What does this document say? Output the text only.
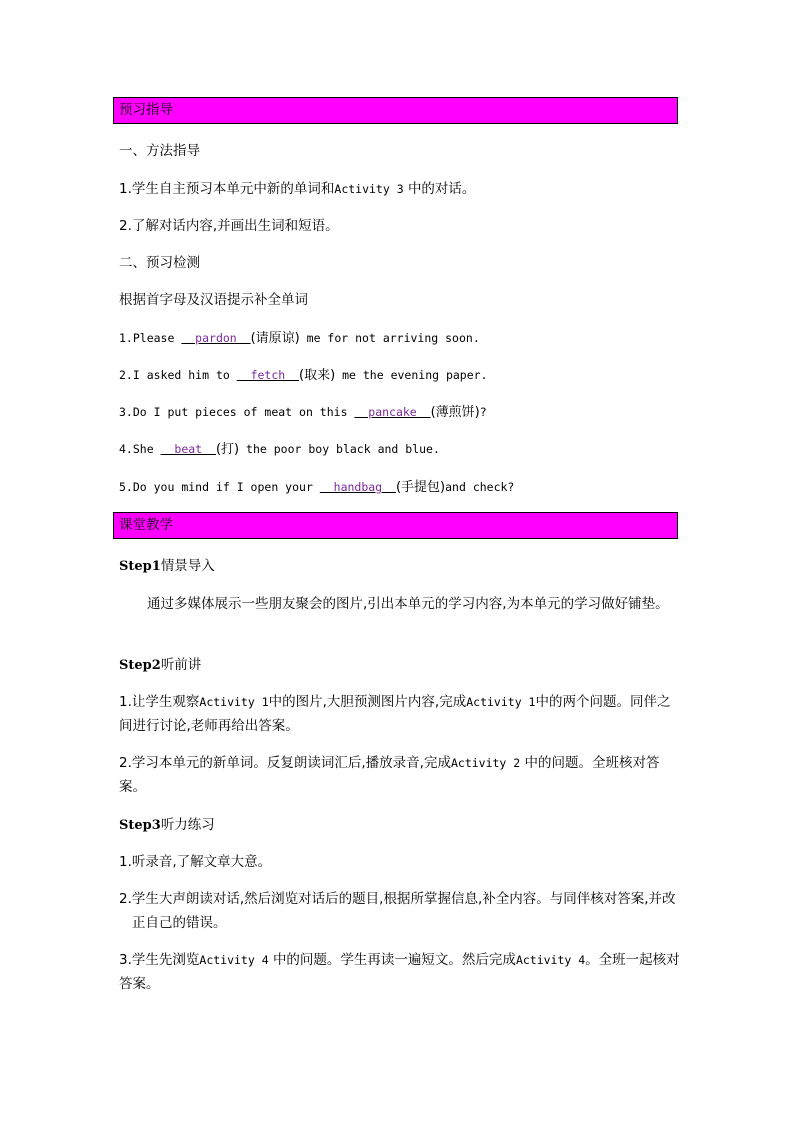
预习指导
一、方法指导
1.学生自主预习本单元中新的单词和Activity 3 中的对话。
2.了解对话内容,并画出生词和短语。
二、预习检测
根据首字母及汉语提示补全单词
1.Please   pardon  (请原谅) me for not arriving soon.
2.I asked him to   fetch  (取来) me the evening paper.
3.Do I put pieces of meat on this   pancake  (薄煎饼)?
4.She   beat  (打) the poor boy black and blue.
5.Do you mind if I open your   handbag  (手提包)and check?
课堂教学
Step1情景导入
通过多媒体展示一些朋友聚会的图片,引出本单元的学习内容,为本单元的学习做好铺垫。
Step2听前讲
1.让学生观察Activity 1中的图片,大胆预测图片内容,完成Activity 1中的两个问题。同伴之间进行讨论,老师再给出答案。
2.学习本单元的新单词。反复朗读词汇后,播放录音,完成Activity 2 中的问题。全班核对答案。
Step3听力练习
1.听录音,了解文章大意。
2.学生大声朗读对话,然后浏览对话后的题目,根据所掌握信息,补全内容。与同伴核对答案,并改正自己的错误。
3.学生先浏览Activity 4 中的问题。学生再读一遍短文。然后完成Activity 4。全班一起核对答案。
